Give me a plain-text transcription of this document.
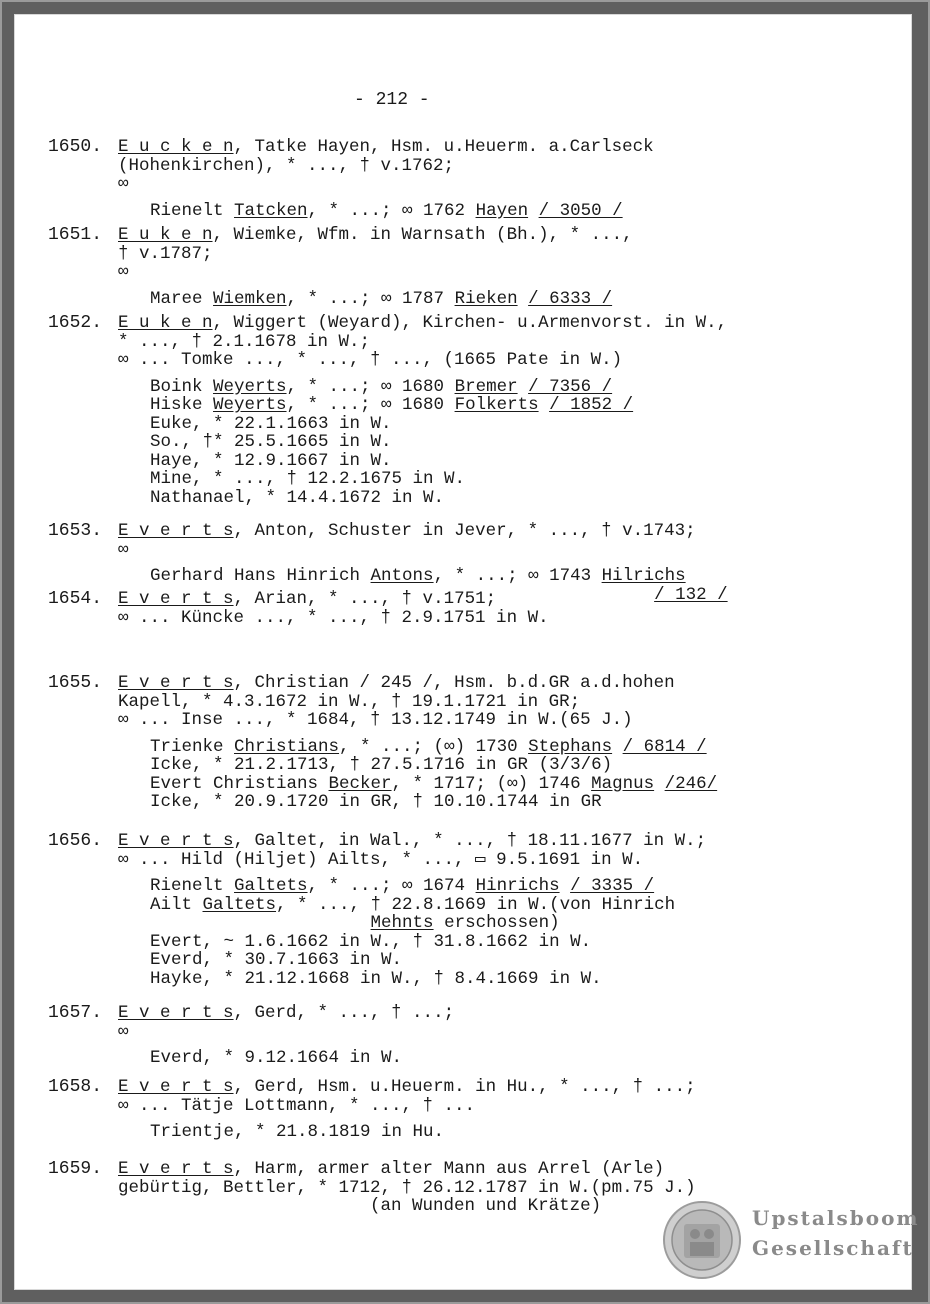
- 212 -
1650. E u c k e n, Tatke Hayen, Hsm. u.Heuerm. a.Carlseck
(Hohenkirchen), * ..., † v.1762;
∞
Rienelt Tatcken, * ...; ∞ 1762 Hayen / 3050 /
1651. E u k e n, Wiemke, Wfm. in Warnsath (Bh.), * ...,
† v.1787;
∞
Maree Wiemken, * ...; ∞ 1787 Rieken / 6333 /
1652. E u k e n, Wiggert (Weyard), Kirchen- u.Armenvorst. in W.,
* ..., † 2.1.1678 in W.;
∞ ... Tomke ..., * ..., † ..., (1665 Pate in W.)
Boink Weyerts, * ...; ∞ 1680 Bremer / 7356 /
Hiske Weyerts, * ...; ∞ 1680 Folkerts / 1852 /
Euke, * 22.1.1663 in W.
So., †* 25.5.1665 in W.
Haye, * 12.9.1667 in W.
Mine, * ..., † 12.2.1675 in W.
Nathanael, * 14.4.1672 in W.
1653. E v e r t s, Anton, Schuster in Jever, * ..., † v.1743;
∞
Gerhard Hans Hinrich Antons, * ...; ∞ 1743 Hilrichs
/ 132 /
1654. E v e r t s, Arian, * ..., † v.1751;
∞ ... Küncke ..., * ..., † 2.9.1751 in W.
1655. E v e r t s, Christian / 245 /, Hsm. b.d.GR a.d.hohen
Kapell, * 4.3.1672 in W., † 19.1.1721 in GR;
∞ ... Inse ..., * 1684, † 13.12.1749 in W.(65 J.)
Trienke Christians, * ...; (∞) 1730 Stephans / 6814 /
Icke, * 21.2.1713, † 27.5.1716 in GR (3/3/6)
Evert Christians Becker, * 1717; (∞) 1746 Magnus /246/
Icke, * 20.9.1720 in GR, † 10.10.1744 in GR
1656. E v e r t s, Galtet, in Wal., * ..., † 18.11.1677 in W.;
∞ ... Hild (Hiljet) Ailts, * ..., ▭ 9.5.1691 in W.
Rienelt Galtets, * ...; ∞ 1674 Hinrichs / 3335 /
Ailt Galtets, * ..., † 22.8.1669 in W.(von Hinrich
Mehnts erschossen)
Evert, ~ 1.6.1662 in W., † 31.8.1662 in W.
Everd, * 30.7.1663 in W.
Hayke, * 21.12.1668 in W., † 8.4.1669 in W.
1657. E v e r t s, Gerd, * ..., † ...;
∞
Everd, * 9.12.1664 in W.
1658. E v e r t s, Gerd, Hsm. u.Heuerm. in Hu., * ..., † ...;
∞ ... Tätje Lottmann, * ..., † ...
Trientje, * 21.8.1819 in Hu.
1659. E v e r t s, Harm, armer alter Mann aus Arrel (Arle)
gebürtig, Bettler, * 1712, † 26.12.1787 in W.(pm.75 J.)
(an Wunden und Krätze)	Upstalsboom
Gesellschaft
